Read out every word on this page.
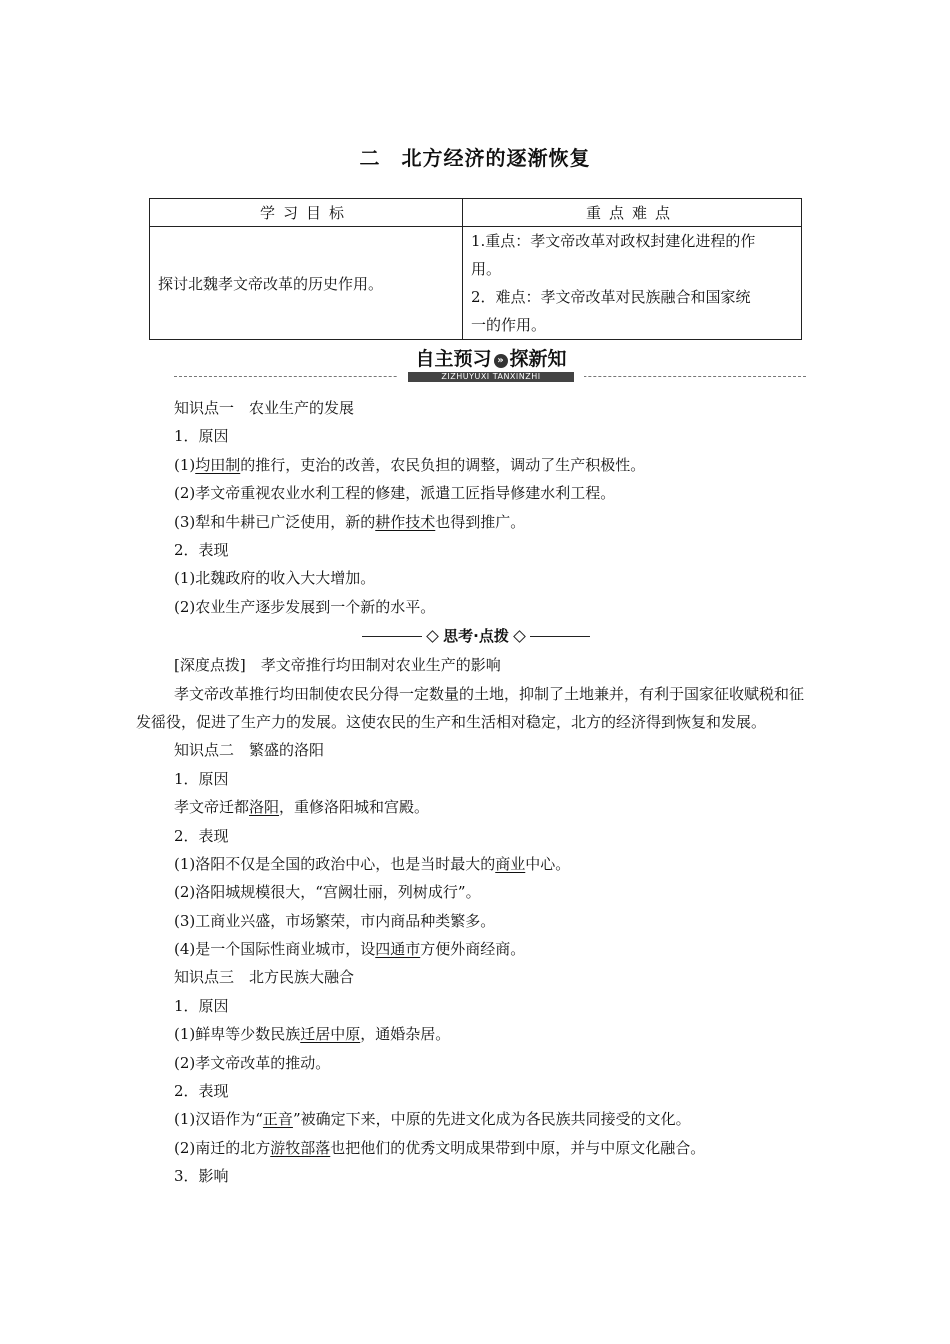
二　北方经济的逐渐恢复
学习目标	重点难点
探讨北魏孝文帝改革的历史作用。	1.重点：孝文帝改革对政权封建化进程的作
用。
2．难点：孝文帝改革对民族融合和国家统
一的作用。
自主预习 » 探新知
ZIZHUYUXI TANXINZHI
知识点一　农业生产的发展
1．原因
(1)均田制的推行，吏治的改善，农民负担的调整，调动了生产积极性。
(2)孝文帝重视农业水利工程的修建，派遣工匠指导修建水利工程。
(3)犁和牛耕已广泛使用，新的耕作技术也得到推广。
2．表现
(1)北魏政府的收入大大增加。
(2)农业生产逐步发展到一个新的水平。
思考·点拨
[深度点拨]　孝文帝推行均田制对农业生产的影响
孝文帝改革推行均田制使农民分得一定数量的土地，抑制了土地兼并，有利于国家征收赋税和征发徭役，促进了生产力的发展。这使农民的生产和生活相对稳定，北方的经济得到恢复和发展。
知识点二　繁盛的洛阳
1．原因
孝文帝迁都洛阳，重修洛阳城和宫殿。
2．表现
(1)洛阳不仅是全国的政治中心，也是当时最大的商业中心。
(2)洛阳城规模很大，“宫阙壮丽，列树成行”。
(3)工商业兴盛，市场繁荣，市内商品种类繁多。
(4)是一个国际性商业城市，设四通市方便外商经商。
知识点三　北方民族大融合
1．原因
(1)鲜卑等少数民族迁居中原，通婚杂居。
(2)孝文帝改革的推动。
2．表现
(1)汉语作为“正音”被确定下来，中原的先进文化成为各民族共同接受的文化。
(2)南迁的北方游牧部落也把他们的优秀文明成果带到中原，并与中原文化融合。
3．影响
